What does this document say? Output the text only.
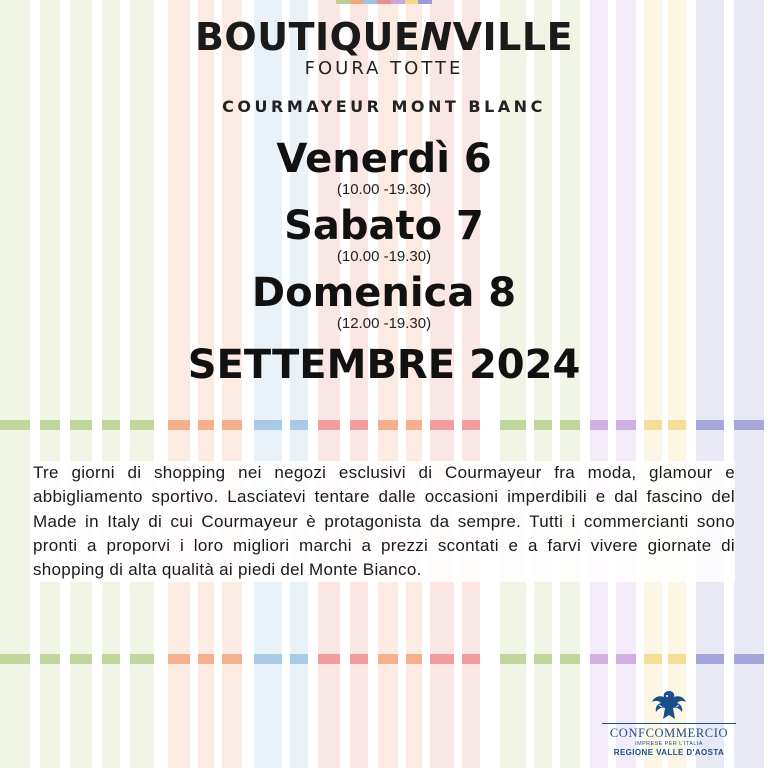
BOUTIQUENVILLE
FOURA TOTTE
COURMAYEUR MONT BLANC
Venerdì 6
(10.00 -19.30)
Sabato 7
(10.00 -19.30)
Domenica 8
(12.00 -19.30)
SETTEMBRE 2024
Tre giorni di shopping nei negozi esclusivi di Courmayeur fra moda, glamour e abbigliamento sportivo. Lasciatevi tentare dalle occasioni imperdibili e dal fascino del Made in Italy di cui Courmayeur è protagonista da sempre. Tutti i commercianti sono pronti a proporvi i loro migliori marchi a prezzi scontati e a farvi vivere giornate di shopping di alta qualità ai piedi del Monte Bianco.
CONFCOMMERCIO
IMPRESE PER L'ITALIA
REGIONE VALLE D'AOSTA
